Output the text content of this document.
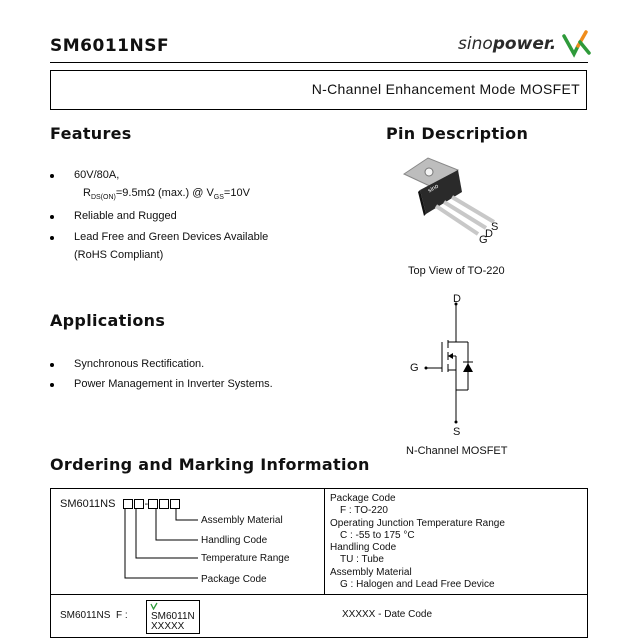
SM6011NSF	sinopower.
N-Channel Enhancement Mode MOSFET
Features
60V/80A,
$R_{DS(ON)}=9.5m\Omega$ (max.) @ $V_{GS}=10V$
Reliable and Rugged
Lead Free and Green Devices Available
(RoHS Compliant)
Pin Description
sino
G
D
S
Top View of TO-220
D
G
S
N-Channel MOSFET
Applications
Synchronous Rectification.
Power Management in Inverter Systems.
Ordering and Marking Information
SM6011NS	-
Assembly Material
Handling Code
Temperature Range
Package Code
Package Code
F : TO-220
Operating Junction Temperature Range
C : -55 to 175 °C
Handling Code
TU : Tube
Assembly Material
G : Halogen and Lead Free Device
SM6011NS  F : SM6011N
XXXXX
XXXXX - Date Code
